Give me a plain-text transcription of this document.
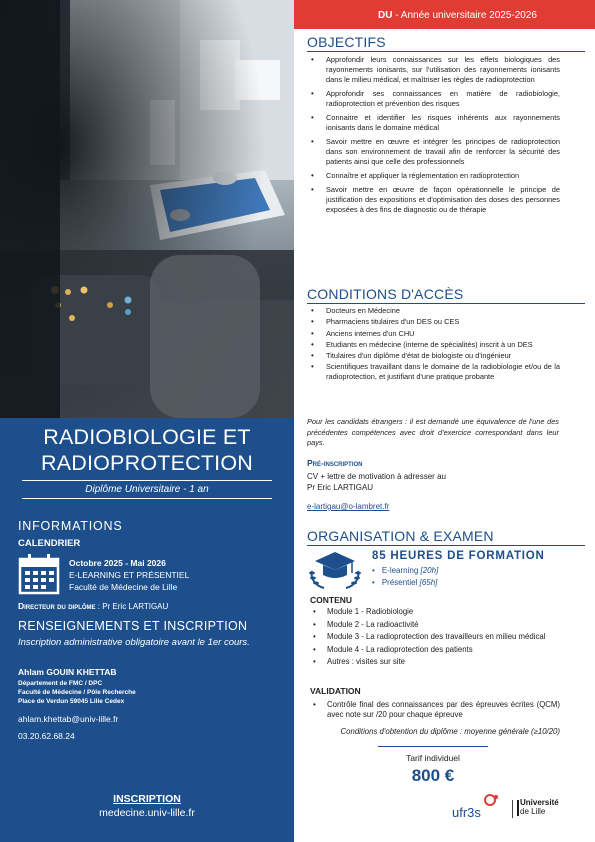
RADIOBIOLOGIE ET
RADIOPROTECTION
Diplôme Universitaire - 1 an
INFORMATIONS
CALENDRIER
Octobre 2025 - Mai 2026
E-LEARNING ET PRÉSENTIEL
Faculté de Médecine de Lille
Directeur du diplôme : Pr Eric LARTIGAU
RENSEIGNEMENTS ET INSCRIPTION
Inscription administrative obligatoire avant le 1er cours.
Ahlam GOUIN KHETTAB
Département de FMC / DPC
Faculté de Médecine / Pôle Recherche
Place de Verdun 59045 Lille Cedex
ahlam.khettab@univ-lille.fr
03.20.62.68.24
INSCRIPTION
medecine.univ-lille.fr
DU - Année universitaire 2025-2026
OBJECTIFS
• Approfondir leurs connaissances sur les effets biologiques des rayonnements ionisants, sur l'utilisation des rayonnements ionisants dans le milieu médical, et maîtriser les règles de radioprotection
• Approfondir ses connaissances en matière de radiobiologie, radioprotection et prévention des risques
• Connaitre et identifier les risques inhérents aux rayonnements ionisants dans le domaine médical
• Savoir mettre en œuvre et intégrer les principes de radioprotection dans son environnement de travail afin de renforcer la sécurité des patients ainsi que celle des professionnels
• Connaître et appliquer la réglementation en radioprotection
• Savoir mettre en œuvre de façon opérationnelle le principe de justification des expositions et d'optimisation des doses des personnes exposées à des fins de diagnostic ou de thérapie
CONDITIONS D'ACCÈS
• Docteurs en Médecine
• Pharmaciens titulaires d'un DES ou CES
• Anciens internes d'un CHU
• Etudiants en médecine (interne de spécialités) inscrit à un DES
• Titulaires d'un diplôme d'état de biologiste ou d'ingénieur
• Scientifiques travaillant dans le domaine de la radiobiologie et/ou de la radioprotection, et justifiant d'une pratique probante
Pour les candidats étrangers : il est demandé une équivalence de l'une des précédentes compétences avec droit d'exercice correspondant dans leur pays.
Pré-inscription
CV + lettre de motivation à adresser au
Pr Eric LARTIGAU
e-lartigau@o-lambret.fr
ORGANISATION & EXAMEN
85 HEURES DE FORMATION
• E-learning [20h]
• Présentiel [65h]
CONTENU
• Module 1 - Radiobiologie
• Module 2 - La radioactivité
• Module 3 - La radioprotection des travailleurs en milieu médical
• Module 4 - La radioprotection des patients
• Autres : visites sur site
VALIDATION
• Contrôle final des connaissances par des épreuves écrites (QCM) avec note sur /20 pour chaque épreuve
Conditions d'obtention du diplôme : moyenne générale (≥10/20)
Tarif individuel
800 €
ufr3s
Université
de Lille
